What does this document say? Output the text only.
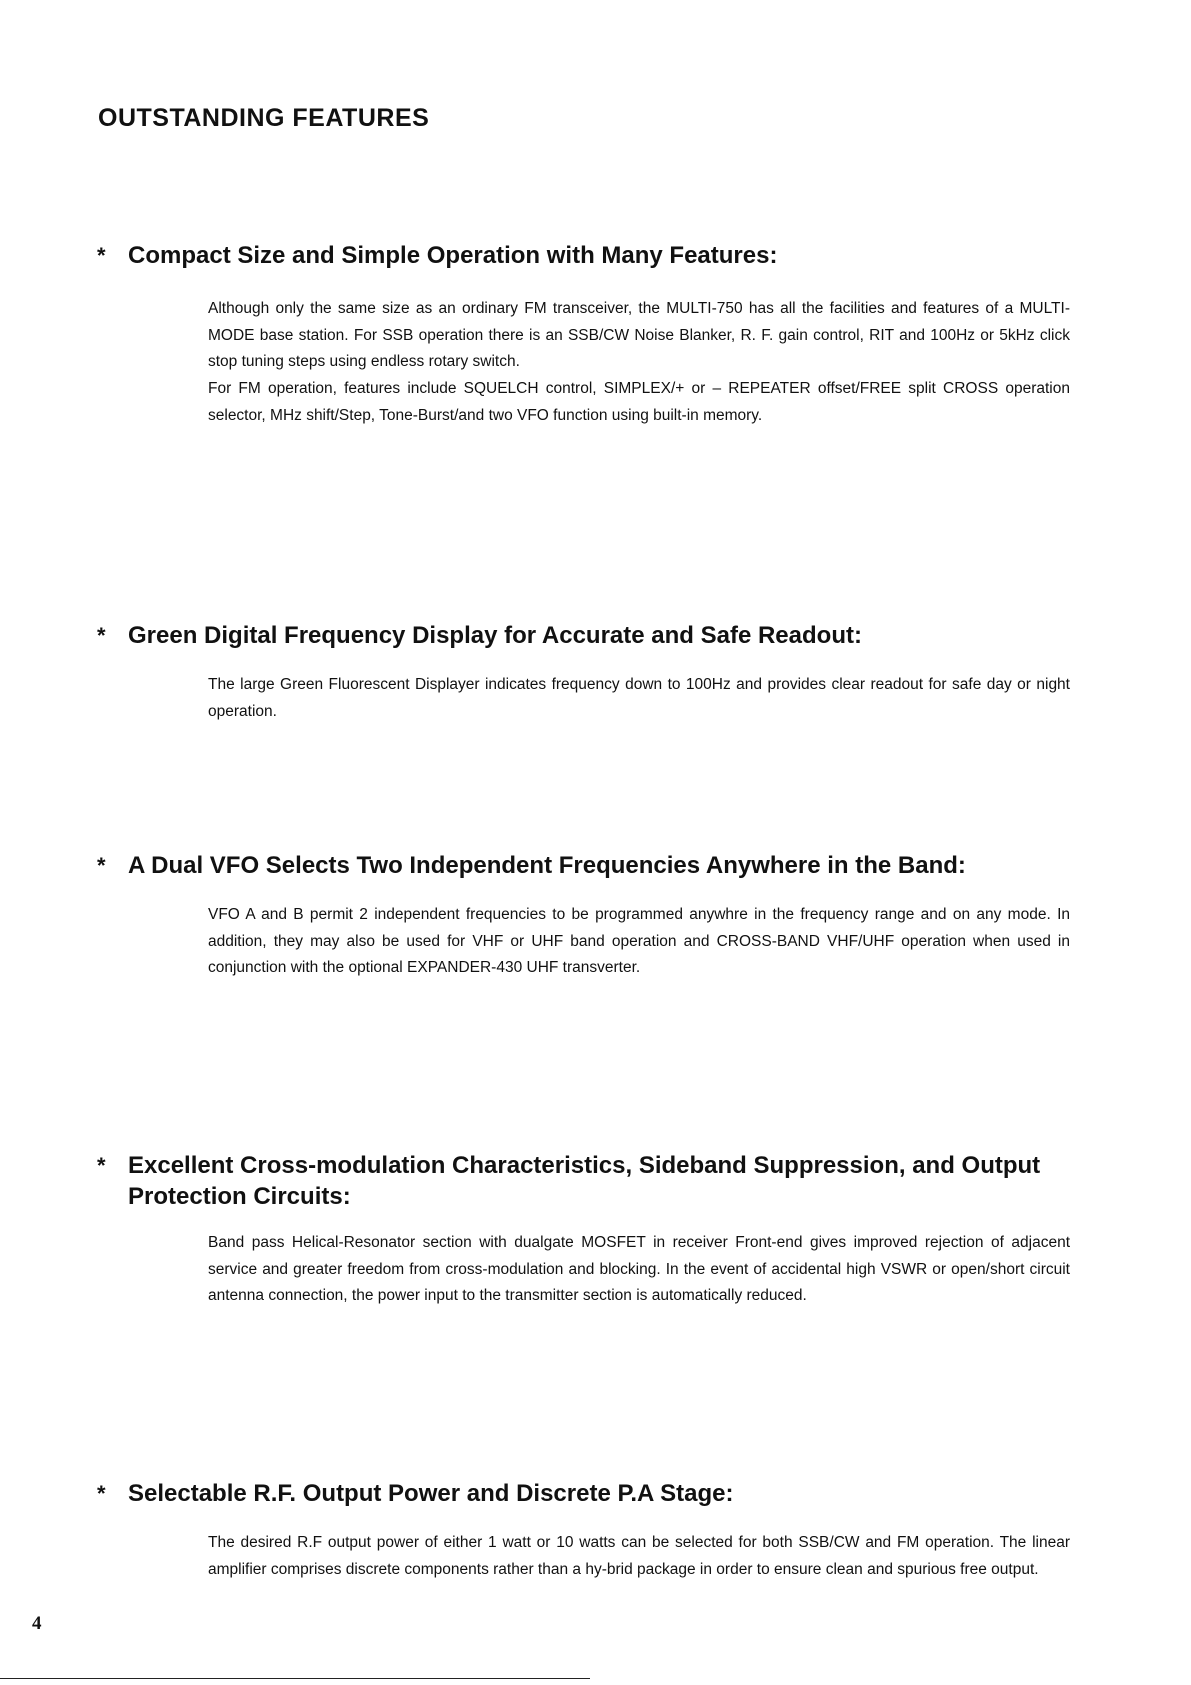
OUTSTANDING FEATURES
* Compact Size and Simple Operation with Many Features:

Although only the same size as an ordinary FM transceiver, the MULTI-750 has all the facilities and features of a MULTI-MODE base station. For SSB operation there is an SSB/CW Noise Blanker, R. F. gain control, RIT and 100Hz or 5kHz click stop tuning steps using endless rotary switch.

For FM operation, features include SQUELCH control, SIMPLEX/+ or – REPEATER offset/FREE split CROSS operation selector, MHz shift/Step, Tone-Burst/and two VFO function using built-in memory.

* Green Digital Frequency Display for Accurate and Safe Readout:

The large Green Fluorescent Displayer indicates frequency down to 100Hz and provides clear readout for safe day or night operation.

* A Dual VFO Selects Two Independent Frequencies Anywhere in the Band:

VFO A and B permit 2 independent frequencies to be programmed anywhre in the frequency range and on any mode. In addition, they may also be used for VHF or UHF band operation and CROSS-BAND VHF/UHF operation when used in conjunction with the optional EXPANDER-430 UHF transverter.

* Excellent Cross-modulation Characteristics, Sideband Suppression, and Output Protection Circuits:

Band pass Helical-Resonator section with dualgate MOSFET in receiver Front-end gives improved rejection of adjacent service and greater freedom from cross-modulation and blocking. In the event of accidental high VSWR or open/short circuit antenna connection, the power input to the transmitter section is automatically reduced.

* Selectable R.F. Output Power and Discrete P.A Stage:

The desired R.F output power of either 1 watt or 10 watts can be selected for both SSB/CW and FM operation. The linear amplifier comprises discrete components rather than a hy-brid package in order to ensure clean and spurious free output.

4
